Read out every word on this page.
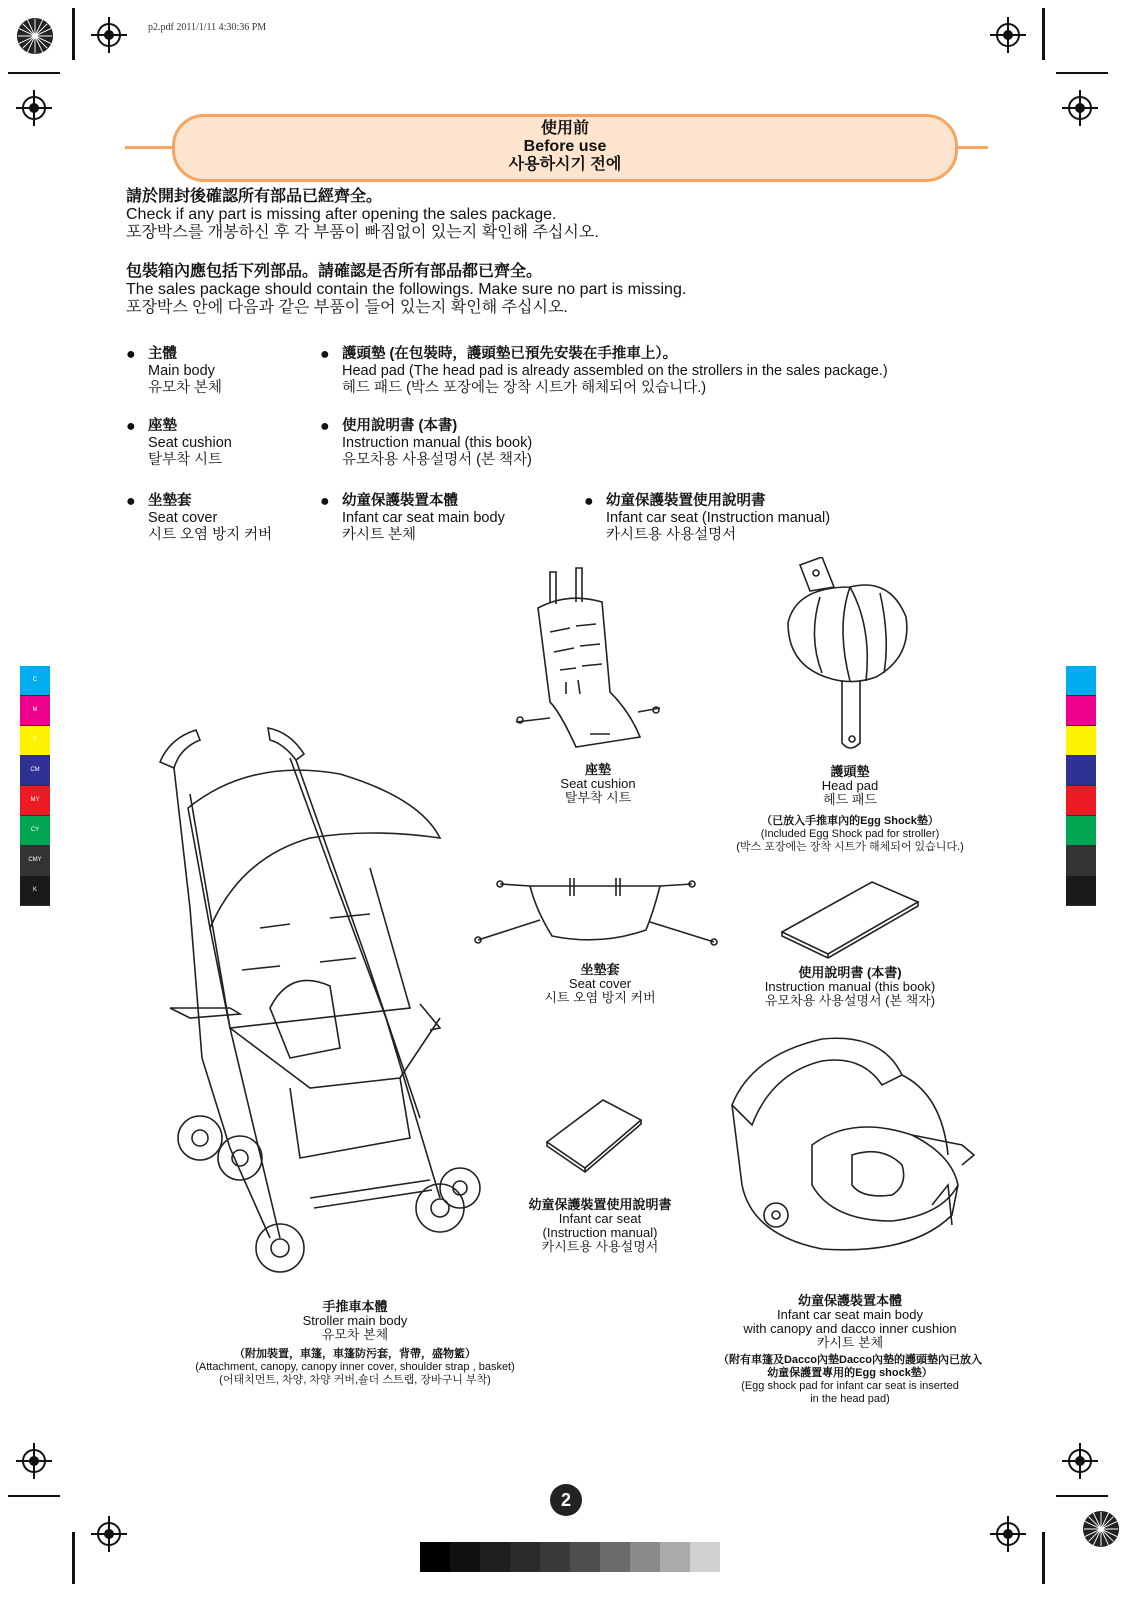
p2.pdf 2011/1/11 4:30:36 PM
使用前
Before use
사용하시기 전에
請於開封後確認所有部品已經齊全。
Check if any part is missing after opening the sales package.
포장박스를 개봉하신 후 각 부품이 빠짐없이 있는지 확인해 주십시오.
包裝箱內應包括下列部品。請確認是否所有部品都已齊全。
The sales package should contain the followings. Make sure no part is missing.
포장박스 안에 다음과 같은 부품이 들어 있는지 확인해 주십시오.
● 主體
Main body
유모차 본체
● 護頭墊 (在包裝時，護頭墊已預先安裝在手推車上）。
Head pad (The head pad is already assembled on the strollers in the sales package.)
헤드 패드 (박스 포장에는 장착 시트가 해체되어 있습니다.)
● 座墊
Seat cushion
탈부착 시트
● 使用說明書 (本書)
Instruction manual (this book)
유모차용 사용설명서 (본 책자)
● 坐墊套
Seat cover
시트 오염 방지 커버
● 幼童保護裝置本體
Infant car seat main body
카시트 본체
● 幼童保護裝置使用說明書
Infant car seat (Instruction manual)
카시트용 사용설명서
座墊
Seat cushion
탈부착 시트
護頭墊
Head pad
헤드 패드
（已放入手推車內的Egg Shock墊）
(Included Egg Shock pad for stroller)
(박스 포장에는 장착 시트가 해체되어 있습니다.)
坐墊套
Seat cover
시트 오염 방지 커버
使用說明書 (本書)
Instruction manual (this book)
유모차용 사용설명서 (본 책자)
幼童保護裝置使用說明書
Infant car seat
(Instruction manual)
카시트용 사용설명서
手推車本體
Stroller main body
유모차 본체
（附加裝置，車篷，車篷防污套，背帶，盛物籃）
(Attachment, canopy, canopy inner cover, shoulder strap , basket)
(어태치먼트, 차양, 차양 커버,숄더 스트랩, 장바구니 부착)
幼童保護裝置本體
Infant car seat main body
with canopy and dacco inner cushion
카시트 본체
（附有車篷及Dacco內墊Dacco內墊的護頭墊內已放入
幼童保護置專用的Egg shock墊）
(Egg shock pad for infant car seat is inserted
in the head pad)
2
C
M
Y
CM
MY
CY
CMY
K
